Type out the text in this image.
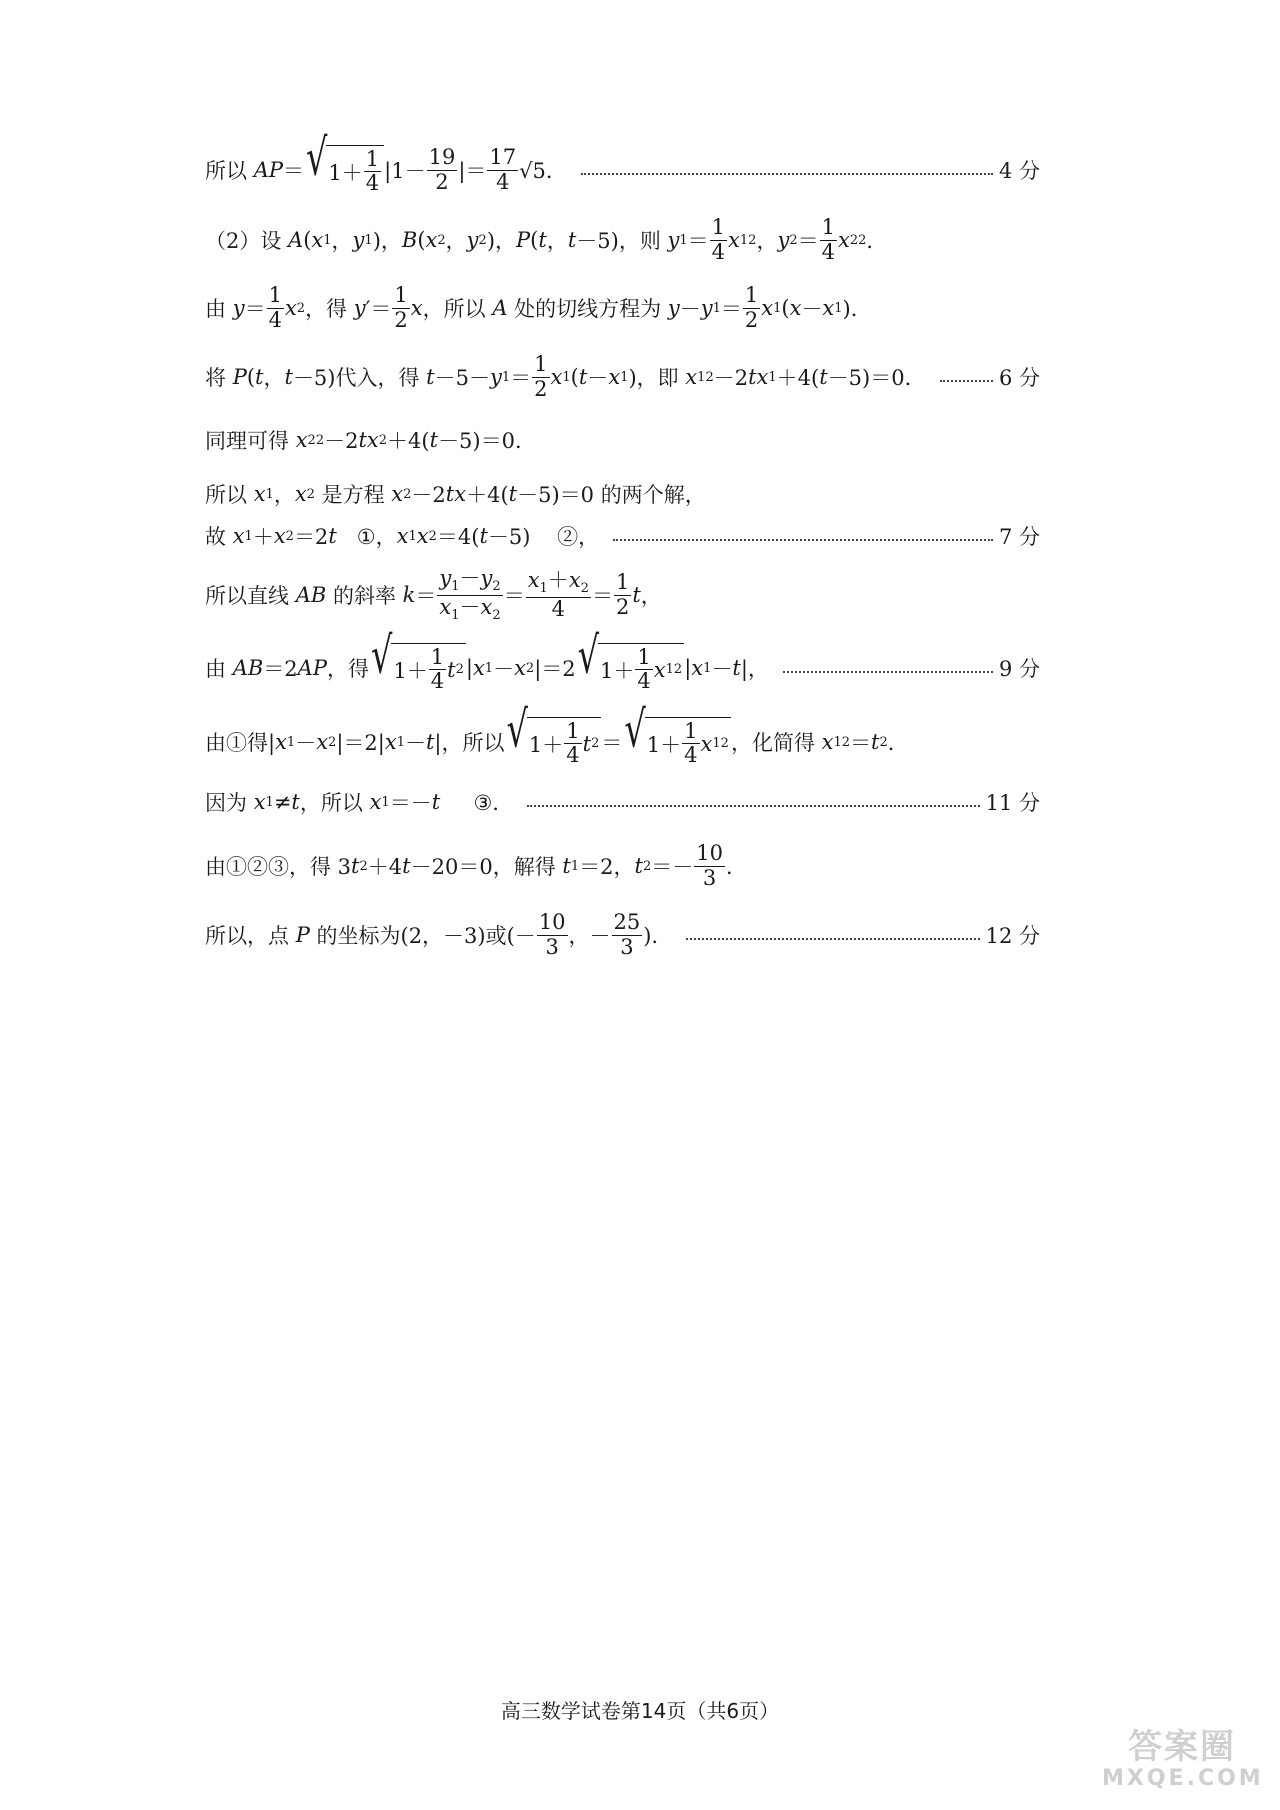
所以 AP ＝ √ $1+ \frac{1}{4} |1- \frac{19}{2}$ |＝ $\frac{17}{4} √5$．	4 分
（2）设 A ( x 1 ， y 1 )， B ( x 2 ， y 2 )， P ( t ， t －5)，则 y $1 = \frac{1}{4}$ x 1 2 ， y $2 = \frac{1}{4}$ x 2 2 ．
由 $y = \frac{1}{4}$ x 2 ，得 y ′＝ $\frac{1}{2}$ x ，所以 A 处的切线方程为 y － y $1 = \frac{1}{2}$ x 1 ( x － x 1 )．
将 P ( t ， t －5)代入，得 t －5－ y $1 = \frac{1}{2}$ x 1 ( t － x 1 )，即 x 1 2 －2 tx 1 ＋4( t －5)＝0．	6 分
同理可得 x 2 2 －2 tx 2 ＋4( t －5)＝0．
所以 x 1 ， x 2 是方程 x 2 －2 tx ＋4( t －5)＝0 的两个解，
故 x 1 ＋ x 2 ＝2 t ①， x 1 x 2 ＝4( t －5)    ②，	7 分
所以直线 AB 的斜率 $k = \frac{y_1-y_2}{x_1-x_2} = \frac{x_1+x_2}{4} = \frac{1}{2}$ t ，
由 AB ＝2 AP ，得 √ $1+ \frac{1}{4}$ t 2 | x 1 － x 2 |＝2 √ $1+ \frac{1}{4}$ x 1 2 | x 1 － t |，	9 分
由①得| x 1 － x 2 |＝2| x 1 － t |，所以 √ $1+ \frac{1}{4}$ t 2 ＝ √ $1+ \frac{1}{4}$ x 1 2 ，化简得 x 1 2 ＝ t 2 ．
因为 x 1 ≠ t ，所以 x 1 ＝－ t ③．	11 分
由①②③，得 3 t 2 ＋4 t －20＝0，解得 t 1 ＝2， t $2 =- \frac{10}{3}$ ．
所以，点 P 的坐标为(2，－3)或(－ $\frac{10}{3}$ ，－ $\frac{25}{3}$ )．	12 分
高三数学试卷第14页（共6页）
答案圈
MXQE.COM
